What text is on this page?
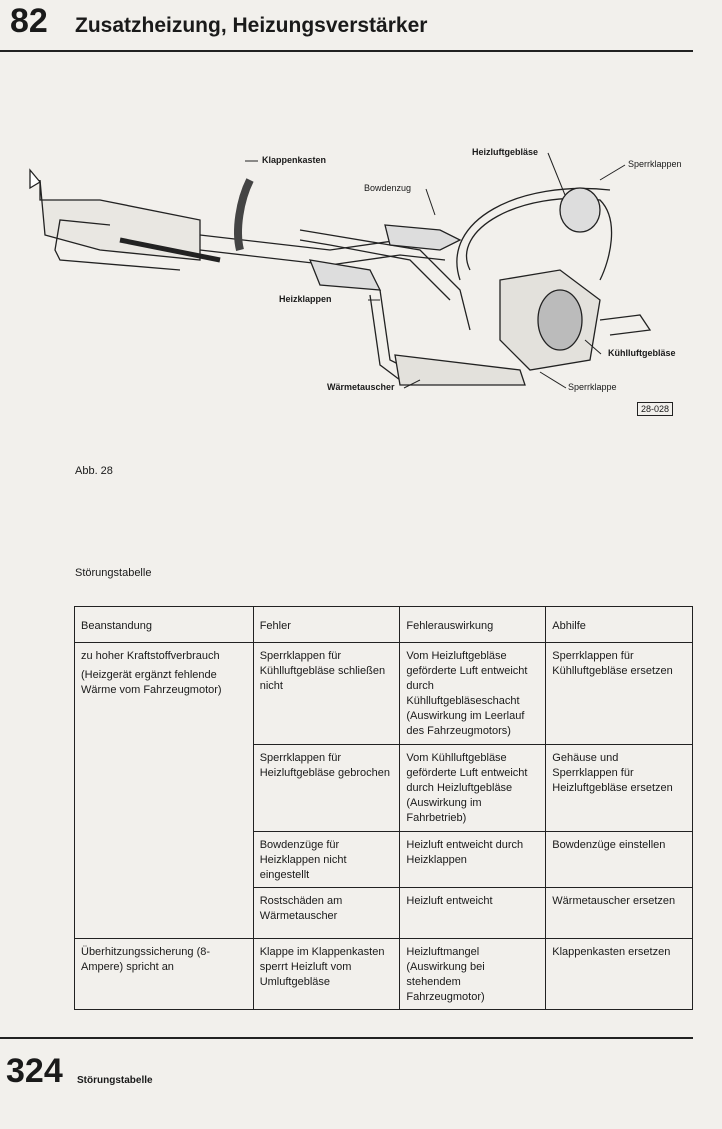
82 Zusatzheizung, Heizungsverstärker
Klappenkasten
Heizluftgebläse
Sperrklappen
Bowdenzug
Heizklappen
Kühlluftgebläse
Wärmetauscher	Sperrklappe
28-028
Abb. 28
Störungstabelle
Beanstandung	Fehler	Fehlerauswirkung	Abhilfe

zu hoher Kraftstoffverbrauch

(Heizgerät ergänzt fehlende Wärme vom Fahrzeugmotor)	Sperrklappen für Kühlluftgebläse schließen nicht	Vom Heizluftgebläse geförderte Luft entweicht durch Kühlluftgebläseschacht (Auswirkung im Leerlauf des Fahrzeugmotors)	Sperrklappen für Kühlluftgebläse ersetzen
	Sperrklappen für Heizluftgebläse gebrochen	Vom Kühlluftgebläse geförderte Luft entweicht durch Heizluftgebläse (Auswirkung im Fahrbetrieb)	Gehäuse und Sperrklappen für Heizluftgebläse ersetzen
	Bowdenzüge für Heizklappen nicht eingestellt	Heizluft entweicht durch Heizklappen	Bowdenzüge einstellen
	Rostschäden am Wärmetauscher	Heizluft entweicht	Wärmetauscher ersetzen
Überhitzungssicherung (8-Ampere) spricht an	Klappe im Klappenkasten sperrt Heizluft vom Umluftgebläse	Heizluftmangel (Auswirkung bei stehendem Fahrzeugmotor)	Klappenkasten ersetzen
324 Störungstabelle
